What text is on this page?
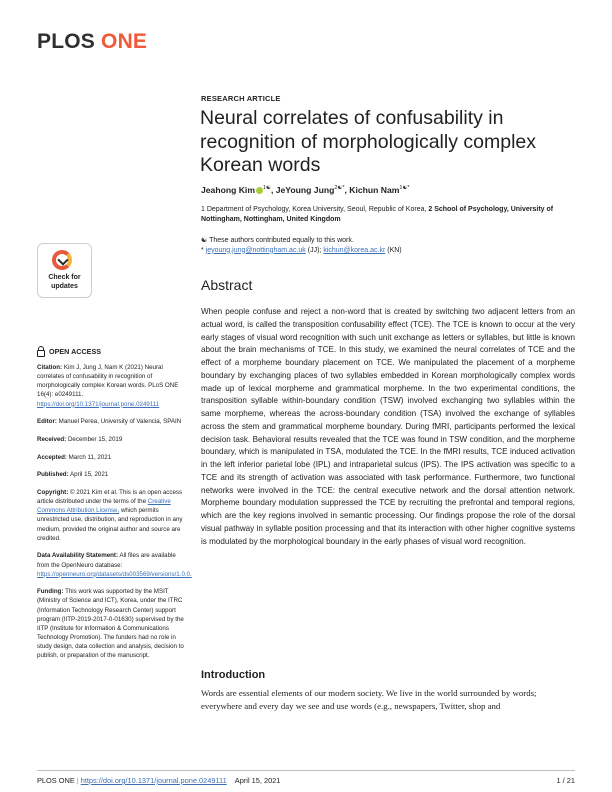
PLOS ONE
RESEARCH ARTICLE
Neural correlates of confusability in recognition of morphologically complex Korean words
Jeahong Kim $^{1☯}$, JeYoung Jung$^{2☯*}$, Kichun Nam$^{1☯*}$
1 Department of Psychology, Korea University, Seoul, Republic of Korea, 2 School of Psychology, University of Nottingham, Nottingham, United Kingdom
☯ These authors contributed equally to this work.
* jeyoung.jung@nottingham.ac.uk (JJ); kichun@korea.ac.kr (KN)
Abstract
When people confuse and reject a non-word that is created by switching two adjacent letters from an actual word, is called the transposition confusability effect (TCE). The TCE is known to occur at the very early stages of visual word recognition with such unit exchange as letters or syllables, but little is known about the brain mechanisms of TCE. In this study, we examined the neural correlates of TCE and the effect of a morpheme boundary placement on TCE. We manipulated the placement of a morpheme boundary by exchanging places of two syllables embedded in Korean morphologically complex words made up of lexical morpheme and grammatical morpheme. In the two experimental conditions, the transposition syllable within-boundary condition (TSW) involved exchanging two syllables within the same morpheme, whereas the across-boundary condition (TSA) involved the exchange of syllables across the stem and grammatical morpheme boundary. During fMRI, participants performed the lexical decision task. Behavioral results revealed that the TCE was found in TSW condition, and the morpheme boundary, which is manipulated in TSA, modulated the TCE. In the fMRI results, TCE induced activation in the left inferior parietal lobe (IPL) and intraparietal sulcus (IPS). The IPS activation was specific to a TCE and its strength of activation was associated with task performance. Furthermore, two functional networks were involved in the TCE: the central executive network and the dorsal attention network. Morpheme boundary modulation suppressed the TCE by recruiting the prefrontal and temporal regions, which are the key regions involved in semantic processing. Our findings propose the role of the dorsal visual pathway in syllable position processing and that its interaction with other higher cognitive systems is modulated by the morphological boundary in the early phases of visual word recognition.
Introduction
Words are essential elements of our modern society. We live in the world surrounded by words; everywhere and every day we see and use words (e.g., newspapers, Twitter, shop and
Check for
updates
OPEN ACCESS
Citation: Kim J, Jung J, Nam K (2021) Neural correlates of confusability in recognition of morphologically complex Korean words. PLoS ONE 16(4): e0249111. https://doi.org/10.1371/journal.pone.0249111
Editor: Manuel Perea, University of Valencia, SPAIN
Received: December 15, 2019
Accepted: March 11, 2021
Published: April 15, 2021
Copyright: © 2021 Kim et al. This is an open access article distributed under the terms of the Creative Commons Attribution License, which permits unrestricted use, distribution, and reproduction in any medium, provided the original author and source are credited.
Data Availability Statement: All files are available from the OpenNeuro database: https://openneuro.org/datasets/ds003569/versions/1.0.0.
Funding: This work was supported by the MSIT (Ministry of Science and ICT), Korea, under the ITRC (Information Technology Research Center) support program (IITP-2019-2017-0-01630) supervised by the IITP (Institute for Information & Communications Technology Promotion). The funders had no role in study design, data collection and analysis, decision to publish, or preparation of the manuscript.
PLOS ONE | https://doi.org/10.1371/journal.pone.0249111 April 15, 2021	1 / 21
